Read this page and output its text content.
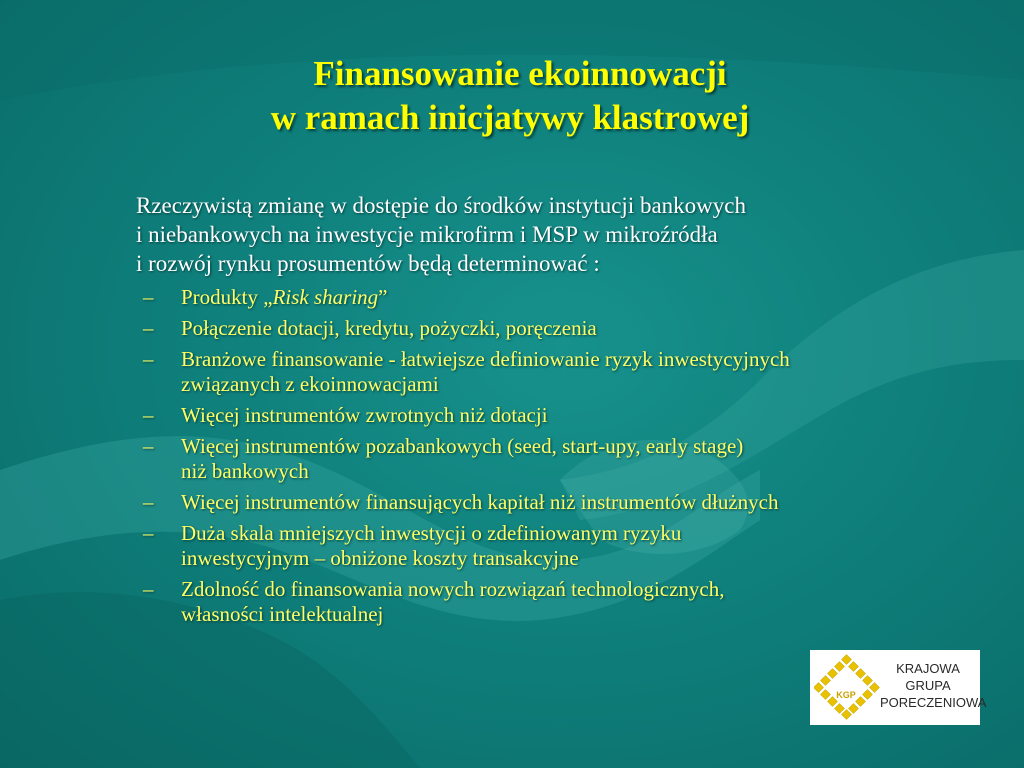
Finansowanie ekoinnowacji
w ramach inicjatywy klastrowej
Rzeczywistą zmianę w dostępie do środków instytucji bankowych
i niebankowych na inwestycje mikrofirm i MSP w mikroźródła
i rozwój rynku prosumentów będą determinować :
– Produkty „Risk sharing”
– Połączenie dotacji, kredytu, pożyczki, poręczenia
– Branżowe finansowanie - łatwiejsze definiowanie ryzyk inwestycyjnych
związanych z ekoinnowacjami
– Więcej instrumentów zwrotnych niż dotacji
– Więcej instrumentów pozabankowych (seed, start-upy, early stage)
niż bankowych
– Więcej instrumentów finansujących kapitał niż instrumentów dłużnych
– Duża skala mniejszych inwestycji o zdefiniowanym ryzyku
inwestycyjnym – obniżone koszty transakcyjne
– Zdolność do finansowania nowych rozwiązań technologicznych,
własności intelektualnej
KGP
KRAJOWA
GRUPA
PORECZENIOWA
